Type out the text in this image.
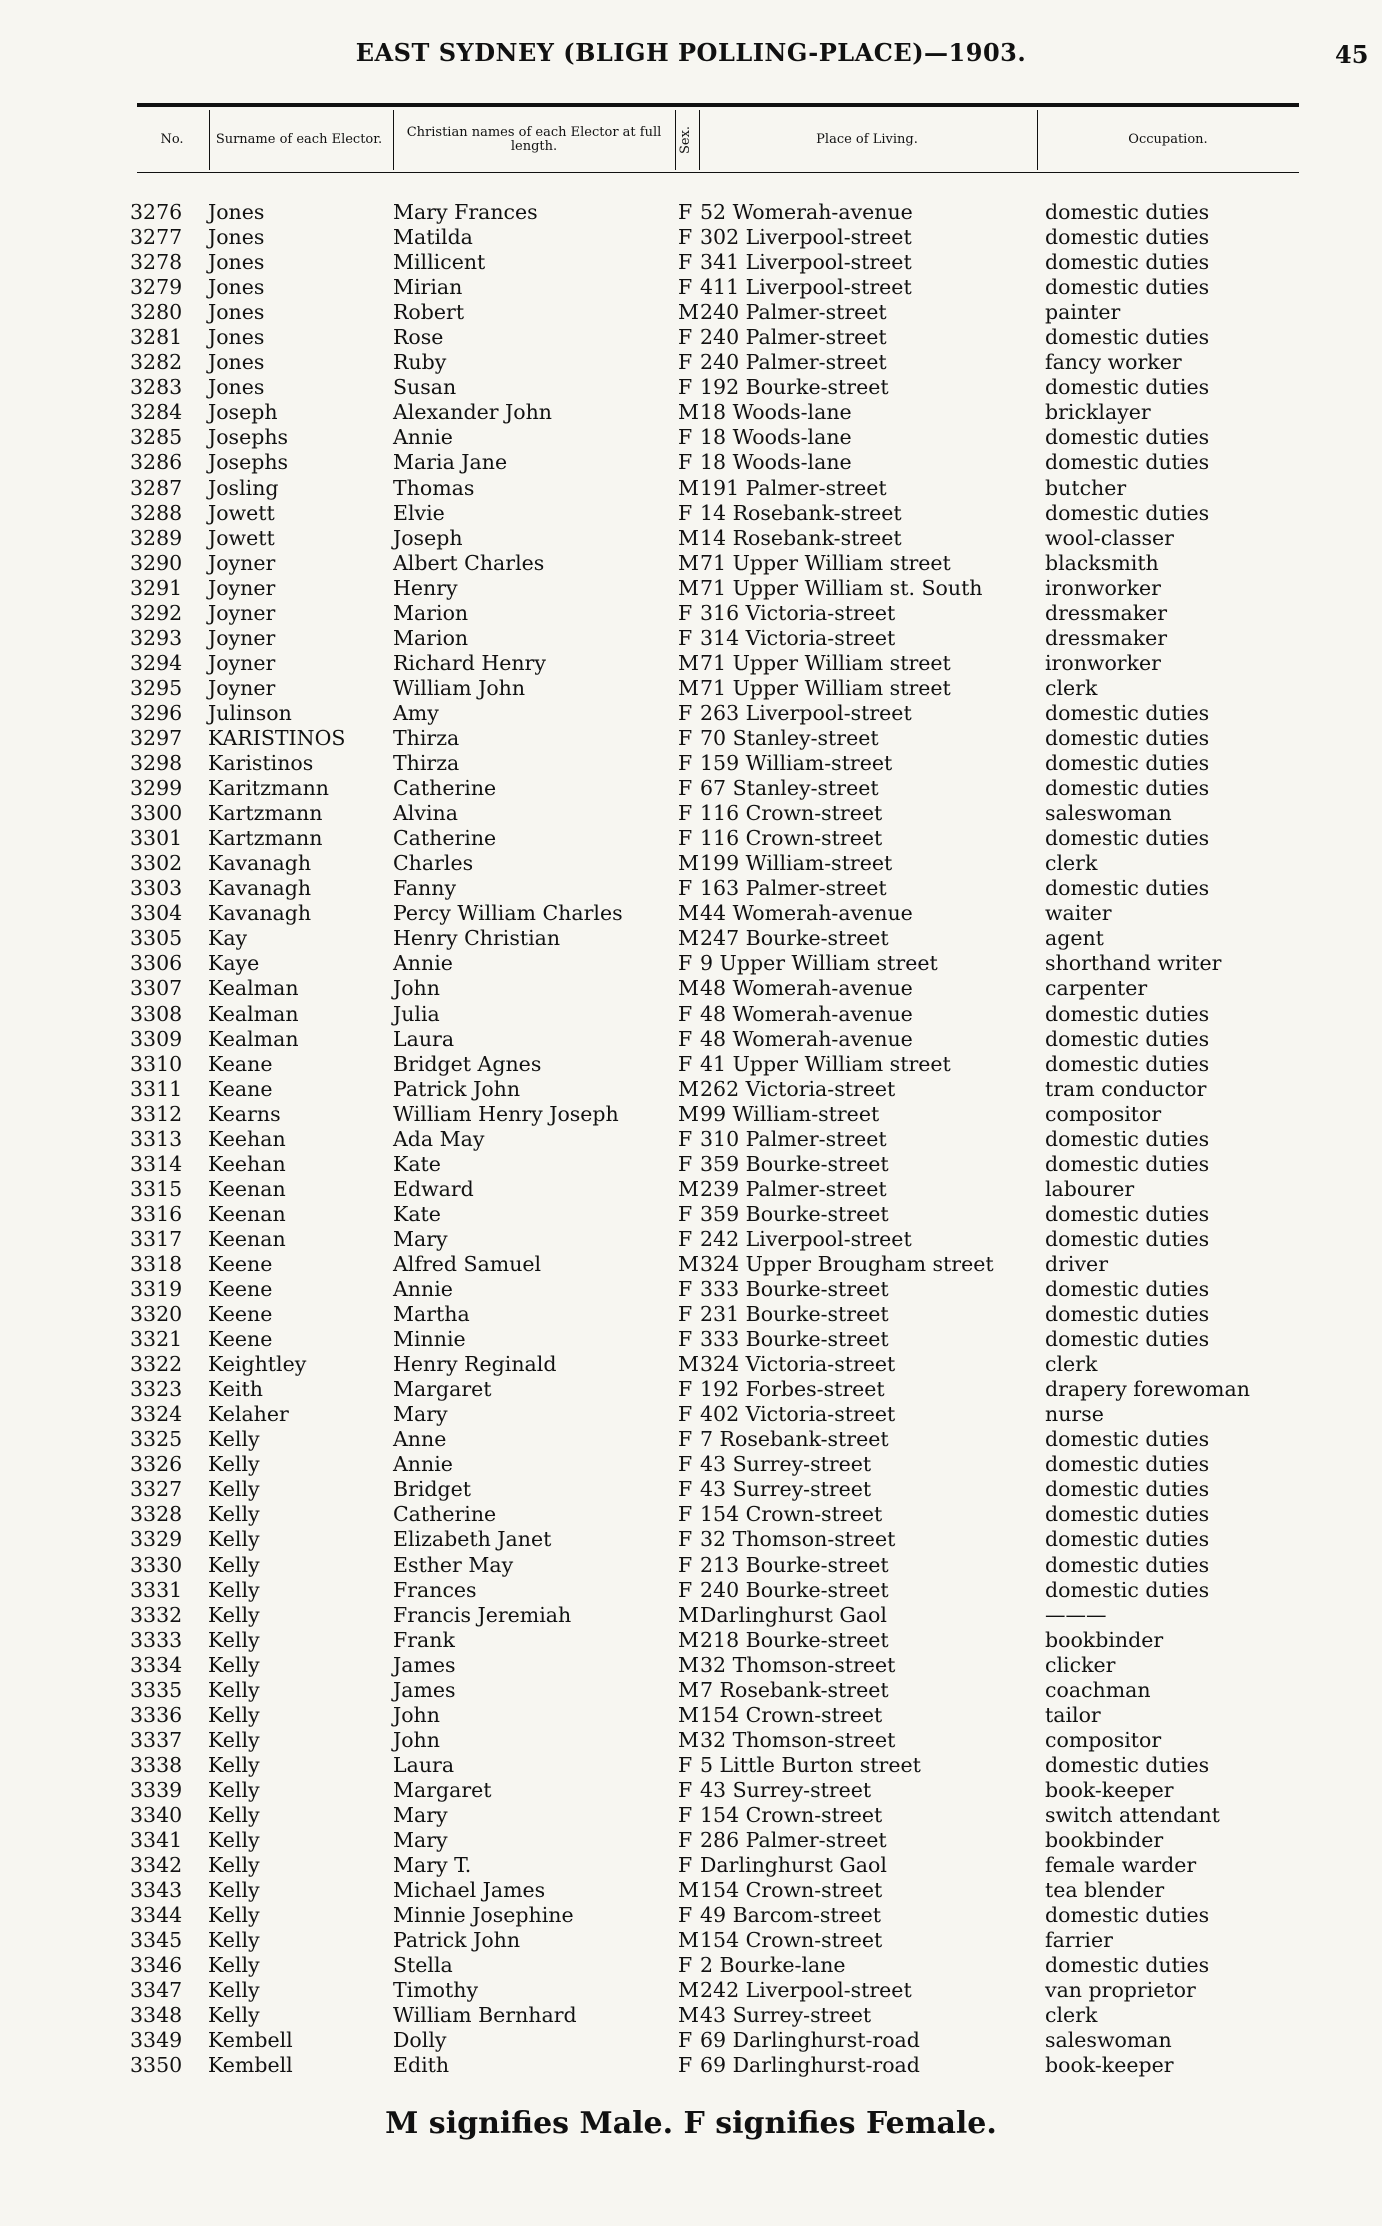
EAST SYDNEY (BLIGH POLLING-PLACE)—1903.	45
No.	Surname of each Elector.	Christian names of each Elector at full length.	Sex.	Place of Living.	Occupation.
3276 Jones	Mary Frances	F 52 Womerah-avenue	domestic duties
3277 Jones	Matilda	F 302 Liverpool-street	domestic duties
3278 Jones	Millicent	F 341 Liverpool-street	domestic duties
3279 Jones	Mirian	F 411 Liverpool-street	domestic duties
3280 Jones	Robert	M 240 Palmer-street	painter
3281 Jones	Rose	F 240 Palmer-street	domestic duties
3282 Jones	Ruby	F 240 Palmer-street	fancy worker
3283 Jones	Susan	F 192 Bourke-street	domestic duties
3284 Joseph	Alexander John	M 18 Woods-lane	bricklayer
3285 Josephs	Annie	F 18 Woods-lane	domestic duties
3286 Josephs	Maria Jane	F 18 Woods-lane	domestic duties
3287 Josling	Thomas	M 191 Palmer-street	butcher
3288 Jowett	Elvie	F 14 Rosebank-street	domestic duties
3289 Jowett	Joseph	M 14 Rosebank-street	wool-classer
3290 Joyner	Albert Charles	M 71 Upper William street	blacksmith
3291 Joyner	Henry	M 71 Upper William st. South	ironworker
3292 Joyner	Marion	F 316 Victoria-street	dressmaker
3293 Joyner	Marion	F 314 Victoria-street	dressmaker
3294 Joyner	Richard Henry	M 71 Upper William street	ironworker
3295 Joyner	William John	M 71 Upper William street	clerk
3296 Julinson	Amy	F 263 Liverpool-street	domestic duties
3297 KARISTINOS Thirza	F 70 Stanley-street	domestic duties
3298 Karistinos	Thirza	F 159 William-street	domestic duties
3299 Karitzmann	Catherine	F 67 Stanley-street	domestic duties
3300 Kartzmann	Alvina	F 116 Crown-street	saleswoman
3301 Kartzmann	Catherine	F 116 Crown-street	domestic duties
3302 Kavanagh	Charles	M 199 William-street	clerk
3303 Kavanagh	Fanny	F 163 Palmer-street	domestic duties
3304 Kavanagh	Percy William Charles	M 44 Womerah-avenue	waiter
3305 Kay	Henry Christian	M 247 Bourke-street	agent
3306 Kaye	Annie	F 9 Upper William street	shorthand writer
3307 Kealman	John	M 48 Womerah-avenue	carpenter
3308 Kealman	Julia	F 48 Womerah-avenue	domestic duties
3309 Kealman	Laura	F 48 Womerah-avenue	domestic duties
3310 Keane	Bridget Agnes	F 41 Upper William street	domestic duties
3311 Keane	Patrick John	M 262 Victoria-street	tram conductor
3312 Kearns	William Henry Joseph	M 99 William-street	compositor
3313 Keehan	Ada May	F 310 Palmer-street	domestic duties
3314 Keehan	Kate	F 359 Bourke-street	domestic duties
3315 Keenan	Edward	M 239 Palmer-street	labourer
3316 Keenan	Kate	F 359 Bourke-street	domestic duties
3317 Keenan	Mary	F 242 Liverpool-street	domestic duties
3318 Keene	Alfred Samuel	M 324 Upper Brougham street	driver
3319 Keene	Annie	F 333 Bourke-street	domestic duties
3320 Keene	Martha	F 231 Bourke-street	domestic duties
3321 Keene	Minnie	F 333 Bourke-street	domestic duties
3322 Keightley	Henry Reginald	M 324 Victoria-street	clerk
3323 Keith	Margaret	F 192 Forbes-street	drapery forewoman
3324 Kelaher	Mary	F 402 Victoria-street	nurse
3325 Kelly	Anne	F 7 Rosebank-street	domestic duties
3326 Kelly	Annie	F 43 Surrey-street	domestic duties
3327 Kelly	Bridget	F 43 Surrey-street	domestic duties
3328 Kelly	Catherine	F 154 Crown-street	domestic duties
3329 Kelly	Elizabeth Janet	F 32 Thomson-street	domestic duties
3330 Kelly	Esther May	F 213 Bourke-street	domestic duties
3331 Kelly	Frances	F 240 Bourke-street	domestic duties
3332 Kelly	Francis Jeremiah	M Darlinghurst Gaol	———
3333 Kelly	Frank	M 218 Bourke-street	bookbinder
3334 Kelly	James	M 32 Thomson-street	clicker
3335 Kelly	James	M 7 Rosebank-street	coachman
3336 Kelly	John	M 154 Crown-street	tailor
3337 Kelly	John	M 32 Thomson-street	compositor
3338 Kelly	Laura	F 5 Little Burton street	domestic duties
3339 Kelly	Margaret	F 43 Surrey-street	book-keeper
3340 Kelly	Mary	F 154 Crown-street	switch attendant
3341 Kelly	Mary	F 286 Palmer-street	bookbinder
3342 Kelly	Mary T.	F Darlinghurst Gaol	female warder
3343 Kelly	Michael James	M 154 Crown-street	tea blender
3344 Kelly	Minnie Josephine	F 49 Barcom-street	domestic duties
3345 Kelly	Patrick John	M 154 Crown-street	farrier
3346 Kelly	Stella	F 2 Bourke-lane	domestic duties
3347 Kelly	Timothy	M 242 Liverpool-street	van proprietor
3348 Kelly	William Bernhard	M 43 Surrey-street	clerk
3349 Kembell	Dolly	F 69 Darlinghurst-road	saleswoman
3350 Kembell	Edith	F 69 Darlinghurst-road	book-keeper
M signifies Male. F signifies Female.
